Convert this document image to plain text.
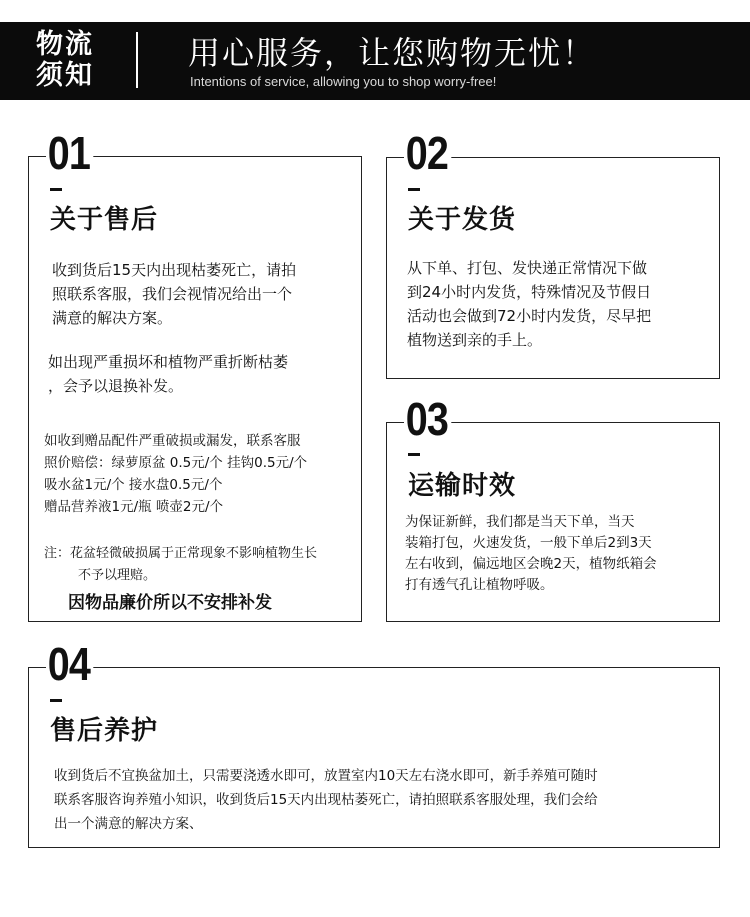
物流
须知
用心服务，让您购物无忧！
Intentions of service, allowing you to shop worry-free!
01
关于售后
收到货后15天内出现枯萎死亡，请拍
照联系客服，我们会视情况给出一个
满意的解决方案。
如出现严重损坏和植物严重折断枯萎
，会予以退换补发。
如收到赠品配件严重破损或漏发，联系客服
照价赔偿：绿萝原盆 0.5元/个 挂钩0.5元/个
吸水盆1元/个 接水盘0.5元/个
赠品营养液1元/瓶 喷壶2元/个
注：花盆轻微破损属于正常现象不影响植物生长
不予以理赔。
因物品廉价所以不安排补发
02
关于发货
从下单、打包、发快递正常情况下做
到24小时内发货，特殊情况及节假日
活动也会做到72小时内发货，尽早把
植物送到亲的手上。
03
运输时效
为保证新鲜，我们都是当天下单，当天
装箱打包，火速发货，一般下单后2到3天
左右收到，偏远地区会晚2天，植物纸箱会
打有透气孔让植物呼吸。
04
售后养护
收到货后不宜换盆加土，只需要浇透水即可，放置室内10天左右浇水即可，新手养殖可随时
联系客服咨询养殖小知识，收到货后15天内出现枯萎死亡，请拍照联系客服处理，我们会给
出一个满意的解决方案、
